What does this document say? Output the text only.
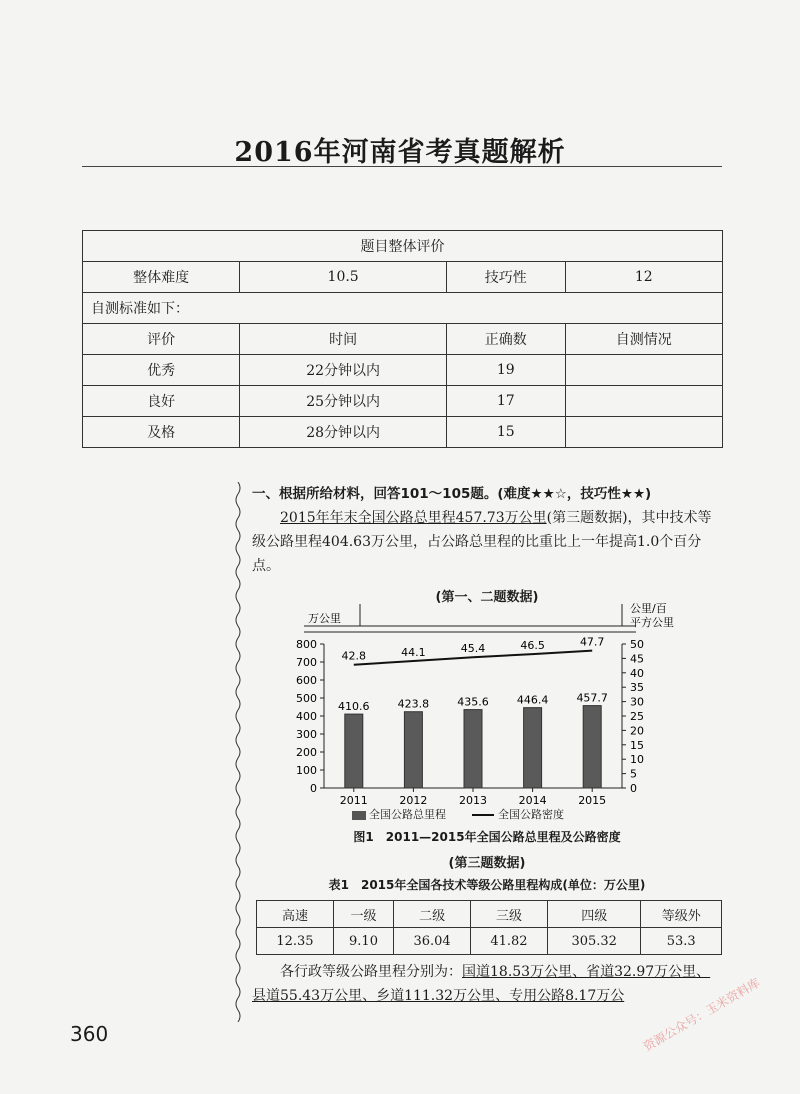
2016年河南省考真题解析
题目整体评价			
整体难度	10.5	技巧性	12
自测标准如下：			
评价	时间	正确数	自测情况
优秀	22分钟以内	19	
良好	25分钟以内	17	
及格	28分钟以内	15	
一、根据所给材料，回答101～105题。(难度★★☆，技巧性★★)

2015年年末全国公路总里程457.73万公里(第三题数据)，其中技术等级公路里程404.63万公里，占公路总里程的比重比上一年提高1.0个百分点。

(第一、二题数据)
万公里
公里/百
平方公里
0
100
200
300
400
500
600
700
800
0
5
10
15
20
25
30
35
40
45
50
410.6
2011
42.8
423.8
2012
44.1
435.6
2013
45.4
446.4
2014
46.5
457.7
2015
47.7
全国公路总里程	全国公路密度
图1　2011—2015年全国公路总里程及公路密度
(第三题数据)
表1　2015年全国各技术等级公路里程构成(单位：万公里)
高速	一级	二级	三级	四级	等级外
12.35	9.10	36.04	41.82	305.32	53.3

各行政等级公路里程分别为：国道18.53万公里、省道32.97万公里、县道55.43万公里、乡道111.32万公里、专用公路8.17万公

360	资源公众号：玉米资料库
